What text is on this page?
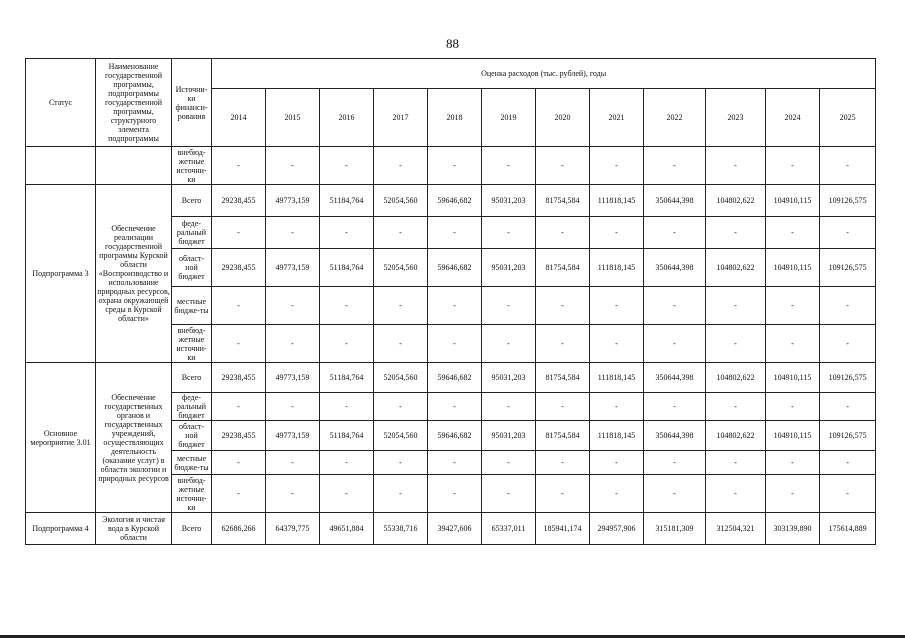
88
Статус	Наименование государственной программы, подпрограммы государственной программы, структурного элемента подпрограммы	Источни-ки финанси-рования	Оценка расходов (тыс. рублей), годы											
			2014	2015	2016	2017	2018	2019	2020	2021	2022	2023	2024	2025
		внебюд-жетные источни-ки	-	-	-	-	-	-	-	-	-	-	-	-
Подпрограмма 3	Обеспечение реализации государственной программы Курской области «Воспроизводство и использование природных ресурсов, охрана окружающей среды в Курской области»	Всего	29238,455	49773,159	51184,764	52054,560	59646,682	95031,203	81754,584	111818,145	350644,398	104802,622	104910,115	109126,575
		феде-ральный бюджет	-	-	-	-	-	-	-	-	-	-	-	-
		област-ной бюджет	29238,455	49773,159	51184,764	52054,560	59646,682	95031,203	81754,584	111818,145	350644,398	104802,622	104910,115	109126,575
		местные бюдже-ты	-	-	-	-	-	-	-	-	-	-	-	-
		внебюд-жетные источни-ки	-	-	-	-	-	-	-	-	-	-	-	-
Основное мероприятие 3.01	Обеспечение государственных органов и государственных учреждений, осуществляющих деятельность (оказание услуг) в области экологии и природных ресурсов	Всего	29238,455	49773,159	51184,764	52054,560	59646,682	95031,203	81754,584	111818,145	350644,398	104802,622	104910,115	109126,575
		феде-ральный бюджет	-	-	-	-	-	-	-	-	-	-	-	-
		област-ной бюджет	29238,455	49773,159	51184,764	52054,560	59646,682	95031,203	81754,584	111818,145	350644,398	104802,622	104910,115	109126,575
		местные бюдже-ты	-	-	-	-	-	-	-	-	-	-	-	-
		внебюд-жетные источни-ки	-	-	-	-	-	-	-	-	-	-	-	-
Подпрограмма 4	Экология и чистая вода в Курской области	Всего	62686,266	64379,775	49651,884	55338,716	39427,606	65337,011	185941,174	294957,906	315181,309	312504,321	303139,890	175614,889
